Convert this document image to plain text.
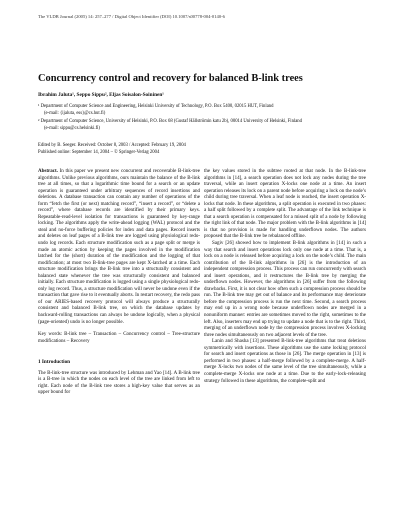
The VLDB Journal (2005) 14: 257–277 / Digital Object Identifier (DOI) 10.1007/s00778-004-0140-6
Concurrency control and recovery for balanced B-link trees
Ibrahim Jaluta¹, Seppo Sippu², Eljas Soisalon-Soininen¹

¹ Department of Computer Science and Engineering, Helsinki University of Technology, P.O. Box 5400, 02015 HUT, Finland
(e-mail: {ijaluta, ess}@cs.hut.fi)

² Department of Computer Science, University of Helsinki, P.O. Box 68 (Gustaf Hällströmin katu 2b), 00014 University of Helsinki, Finland
(e-mail: sippu@cs.helsinki.fi)

Edited by B. Seeger. Received: October 8, 2003 / Accepted: February 19, 2004
Published online: September 14, 2004 – © Springer-Verlag 2004

Abstract. In this paper we present new concurrent and recoverable B-link-tree algorithms. Unlike previous algorithms, ours maintain the balance of the B-link tree at all times, so that a logarithmic time bound for a search or an update operation is guaranteed under arbitrary sequences of record insertions and deletions. A database transaction can contain any number of operations of the form “fetch the first (or next) matching record”, “insert a record”, or “delete a record”, where database records are identified by their primary keys. Repeatable-read-level isolation for transactions is guaranteed by key-range locking. The algorithms apply the write-ahead logging (WAL) protocol and the steal and no-force buffering policies for index and data pages. Record inserts and deletes on leaf pages of a B-link tree are logged using physiological redo-undo log records. Each structure modification such as a page split or merge is made an atomic action by keeping the pages involved in the modification latched for the (short) duration of the modification and the logging of that modification; at most two B-link-tree pages are kept X-latched at a time. Each structure modification brings the B-link tree into a structurally consistent and balanced state whenever the tree was structurally consistent and balanced initially. Each structure modification is logged using a single physiological redo-only log record. Thus, a structure modification will never be undone even if the transaction that gave rise to it eventually aborts. In restart recovery, the redo pass of our ARIES-based recovery protocol will always produce a structurally consistent and balanced B-link tree, on which the database updates by backward-rolling transactions can always be undone logically, when a physical (page-oriented) undo is no longer possible.

Key words: B-link tree – Transaction – Concurrency control – Tree-structure modifications – Recovery

1 Introduction

The B-link-tree structure was introduced by Lehman and Yao [14]. A B-link tree is a B-tree in which the nodes on each level of the tree are linked from left to right. Each node of the B-link tree stores a high-key value that serves as an upper bound for

the key values stored in the subtree rooted at that node. In the B-link-tree algorithms in [14], a search operation does not lock any nodes during the tree traversal, while an insert operation X-locks one node at a time. An insert operation releases its lock on a parent node before acquiring a lock on the node’s child during tree traversal. When a leaf node is reached, the insert operation X-locks that node. In these algorithms, a split operation is executed in two phases: a half split followed by a complete split. The advantage of the link technique is that a search operation is compensated for a missed split of a node by following the right link of that node. The major problem with the B-link algorithms in [14] is that no provision is made for handling underflown nodes. The authors proposed that the B-link tree be rebalanced offline.

Sagiv [26] showed how to implement B-link algorithms in [14] in such a way that search and insert operations lock only one node at a time. That is, a lock on a node is released before acquiring a lock on the node’s child. The main contribution of the B-link algorithms in [26] is the introduction of an independent compression process. This process can run concurrently with search and insert operations, and it restructures the B-link tree by merging the underflown nodes. However, the algorithms in [26] suffer from the following drawbacks. First, it is not clear how often such a compression process should be run. The B-link tree may get out of balance and its performance may deteriorate before the compression process is run the next time. Second, a search process may end up in a wrong node because underflown nodes are merged in a nonuniform manner: entries are sometimes moved to the right, sometimes to the left. Also, inserters may end up trying to update a node that is to the right. Third, merging of an underflown node by the compression process involves X-locking three nodes simultaneously on two adjacent levels of the tree.

Lanin and Shasha [13] presented B-link-tree algorithms that treat deletions symmetrically with insertions. These algorithms use the same locking protocol for search and insert operations as those in [26]. The merge operation in [13] is performed in two phases: a half-merge followed by a complete-merge. A half-merge X-locks two nodes of the same level of the tree simultaneously, while a complete-merge X-locks one node at a time. Due to the early-lock-releasing strategy followed in these algorithms, the complete-split and
